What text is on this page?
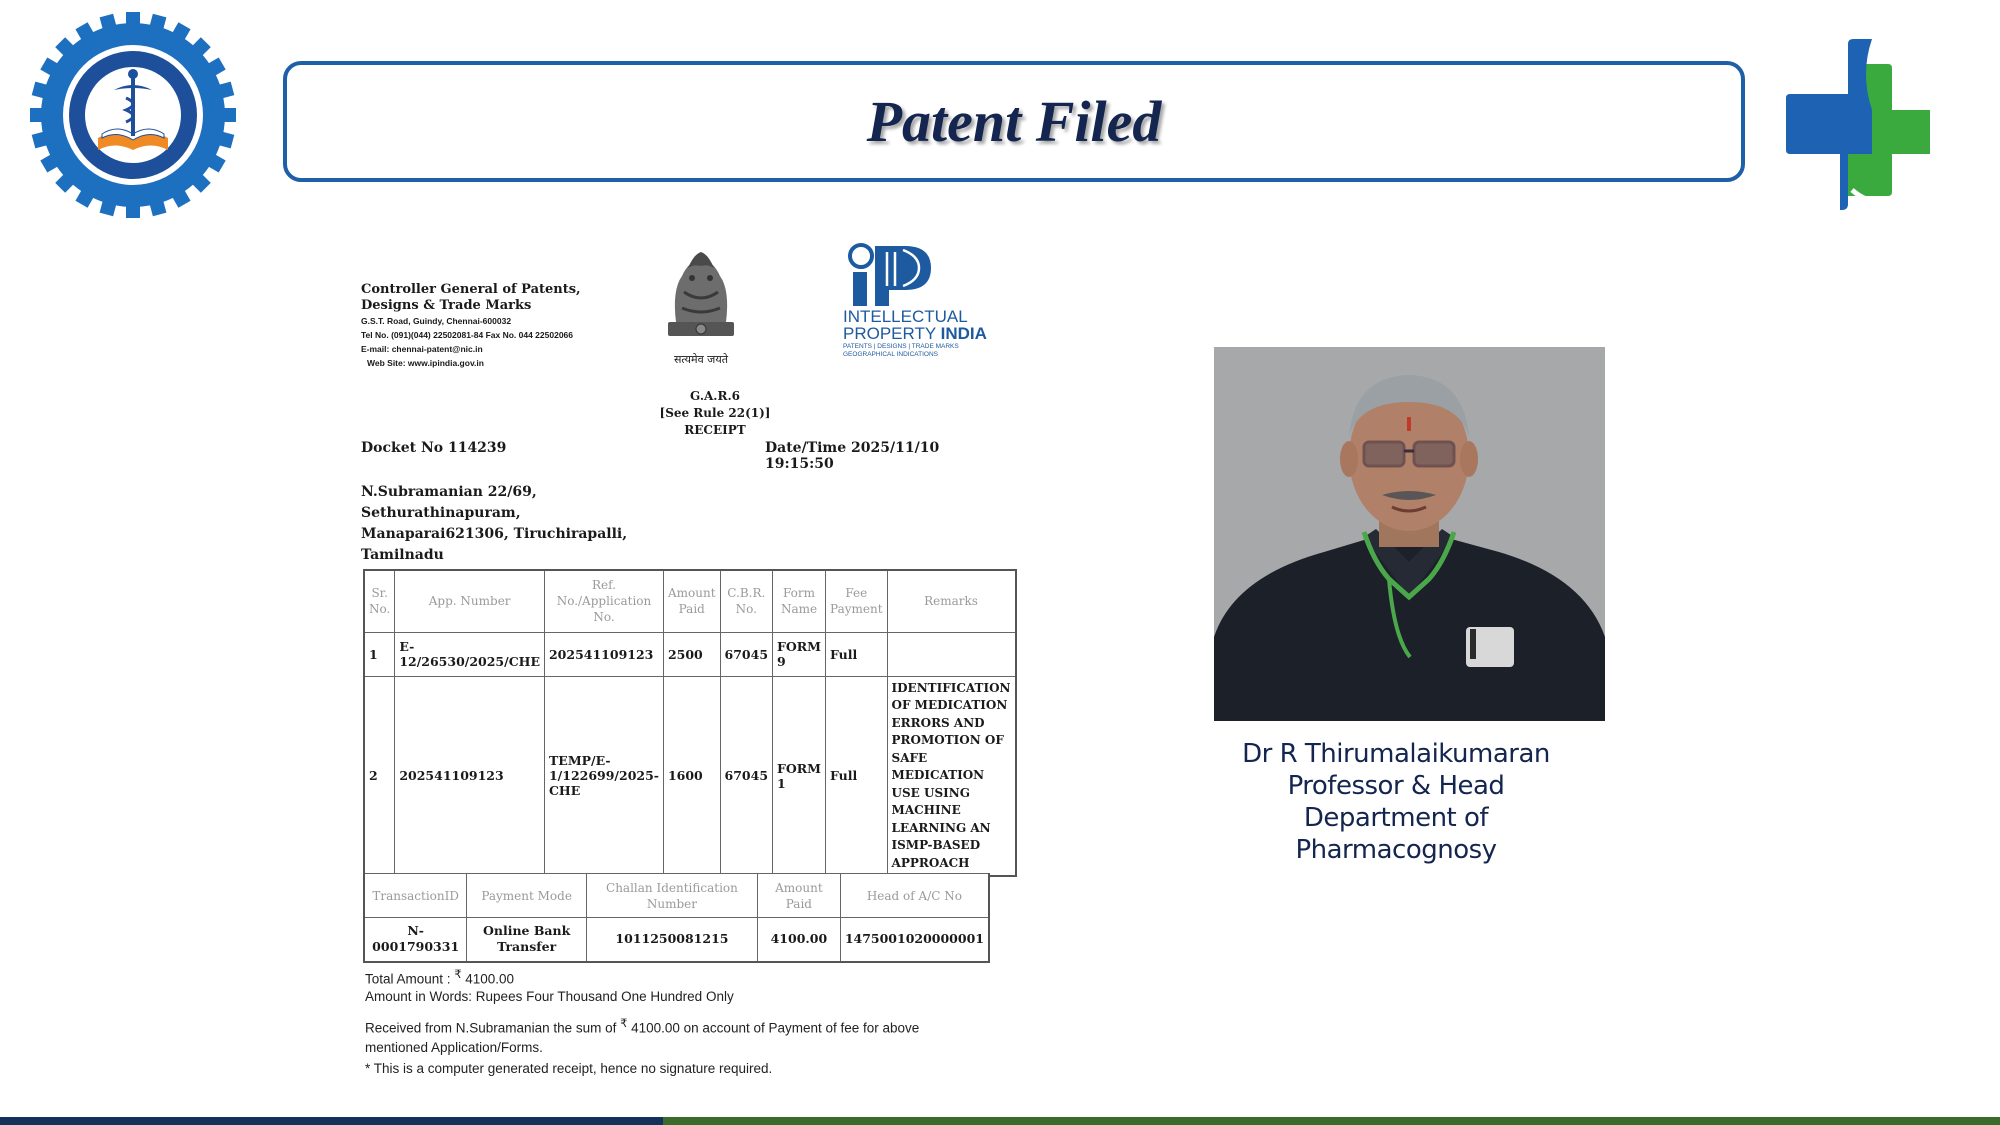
Patent Filed
Controller General of Patents, Designs & Trade Marks
G.S.T. Road, Guindy, Chennai-600032
Tel No. (091)(044) 22502081-84 Fax No. 044 22502066
E-mail: chennai-patent@nic.in
Web Site: www.ipindia.gov.in	सत्यमेव जयते
INTELLECTUAL
PROPERTY INDIA
PATENTS | DESIGNS | TRADE MARKS
GEOGRAPHICAL INDICATIONS
G.A.R.6
[See Rule 22(1)]
RECEIPT
Docket No 114239	Date/Time 2025/11/10 19:15:50
N.Subramanian 22/69,
Sethurathinapuram,
Manaparai621306, Tiruchirapalli,
Tamilnadu
Sr. No.	App. Number	Ref. No./Application No.	Amount Paid	C.B.R. No.	Form Name	Fee Payment	Remarks
1	E-12/26530/2025/CHE	202541109123	2500	67045	FORM 9	Full	
2	202541109123	TEMP/E-1/122699/2025-CHE	1600	67045	FORM 1	Full	IDENTIFICATION OF MEDICATION ERRORS AND PROMOTION OF SAFE MEDICATION USE USING MACHINE LEARNING AN ISMP-BASED APPROACH
TransactionID	Payment Mode	Challan Identification Number	Amount Paid	Head of A/C No
N-0001790331	Online Bank Transfer	1011250081215	4100.00	1475001020000001
Total Amount : ₹ 4100.00
Amount in Words: Rupees Four Thousand One Hundred Only
Received from N.Subramanian the sum of ₹ 4100.00 on account of Payment of fee for above mentioned Application/Forms.
* This is a computer generated receipt, hence no signature required.
Dr R Thirumalaikumaran
Professor & Head
Department of
Pharmacognosy
